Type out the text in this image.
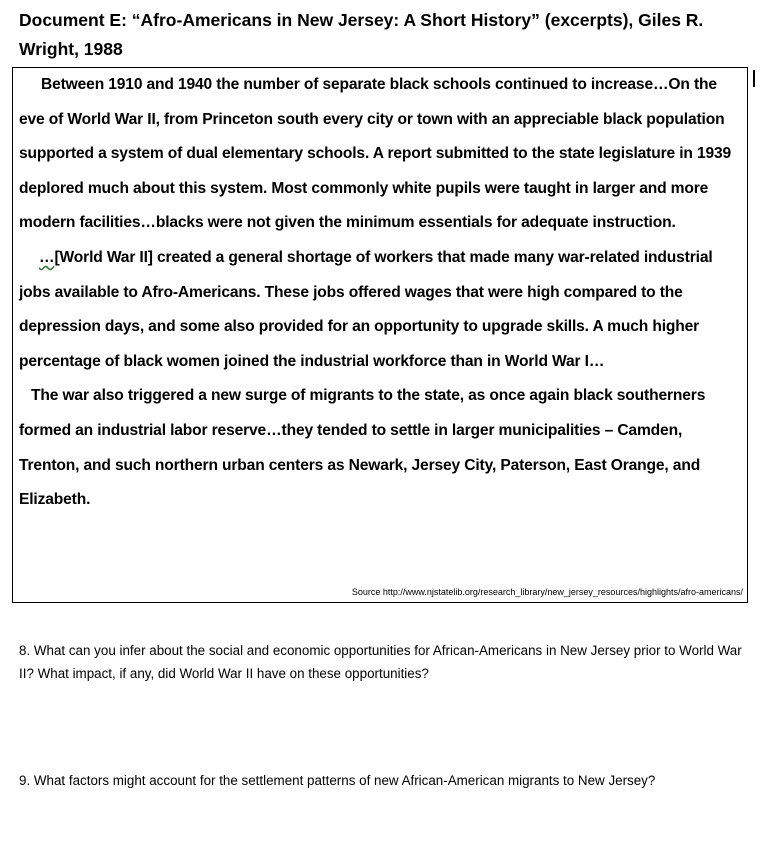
Document E: “Afro-Americans in New Jersey: A Short History” (excerpts), Giles R. Wright, 1988

Between 1910 and 1940 the number of separate black schools continued to increase…On the eve of World War II, from Princeton south every city or town with an appreciable black population supported a system of dual elementary schools. A report submitted to the state legislature in 1939 deplored much about this system. Most commonly white pupils were taught in larger and more modern facilities…blacks were not given the minimum essentials for adequate instruction.

…[World War II] created a general shortage of workers that made many war-related industrial jobs available to Afro-Americans. These jobs offered wages that were high compared to the depression days, and some also provided for an opportunity to upgrade skills. A much higher percentage of black women joined the industrial workforce than in World War I…

The war also triggered a new surge of migrants to the state, as once again black southerners formed an industrial labor reserve…they tended to settle in larger municipalities – Camden, Trenton, and such northern urban centers as Newark, Jersey City, Paterson, East Orange, and Elizabeth.

Source http://www.njstatelib.org/research_library/new_jersey_resources/highlights/afro-americans/

8. What can you infer about the social and economic opportunities for African-Americans in New Jersey prior to World War II? What impact, if any, did World War II have on these opportunities?

9. What factors might account for the settlement patterns of new African-American migrants to New Jersey?
